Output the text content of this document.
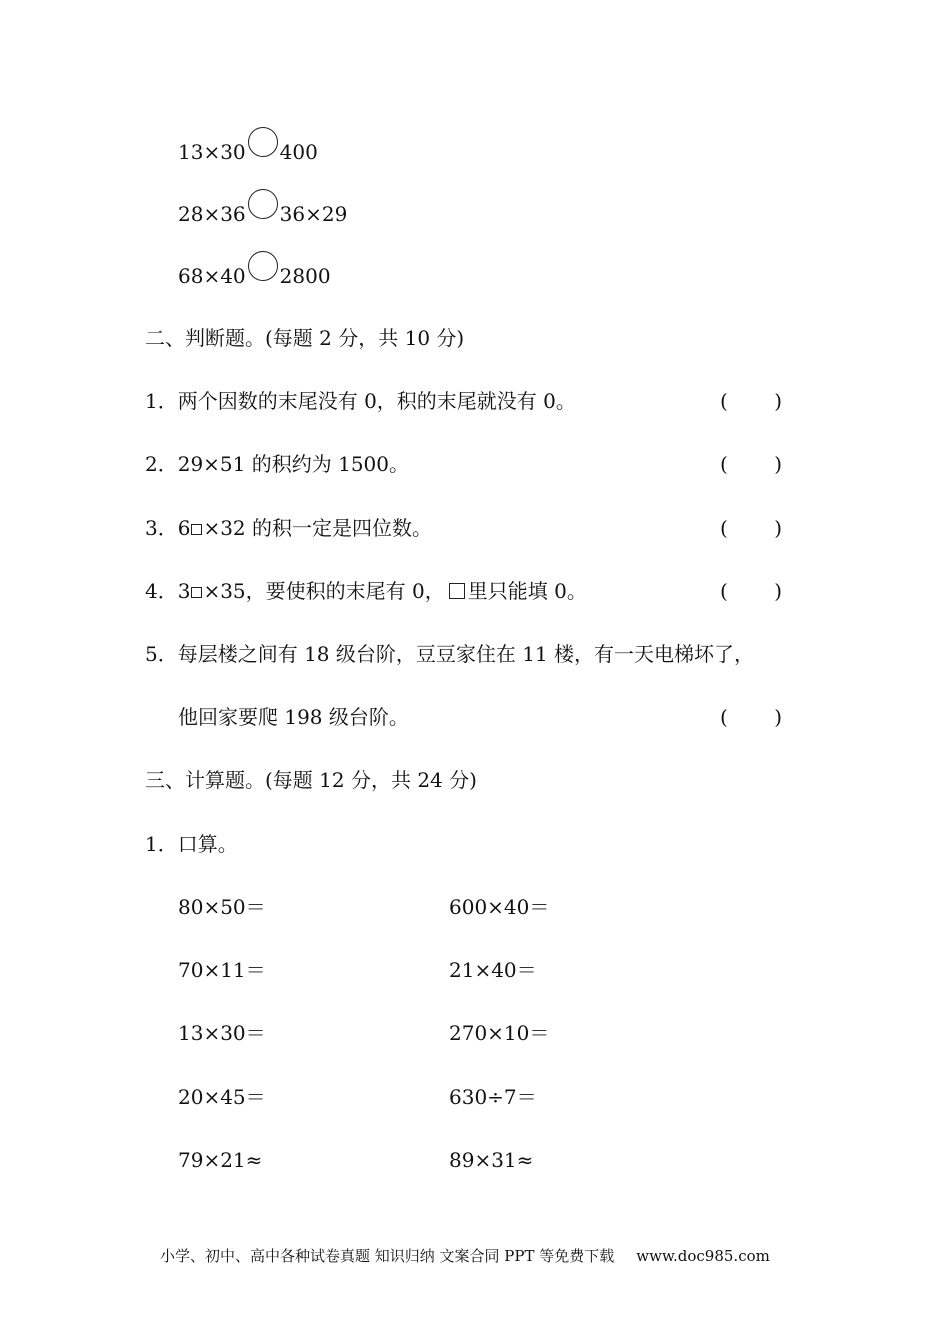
13×30 400
28×36 36×29
68×40 2800
二、判断题。(每题 2 分，共 10 分)
1．两个因数的末尾没有 0，积的末尾就没有 0。	( )
2．29×51 的积约为 1500。	( )
3．6 ×32 的积一定是四位数。	( )
4．3 ×35，要使积的末尾有 0， 里只能填 0。	( )
5．每层楼之间有 18 级台阶，豆豆家住在 11 楼，有一天电梯坏了，
他回家要爬 198 级台阶。	( )
三、计算题。(每题 12 分，共 24 分)
1．口算。
80×50＝	600×40＝
70×11＝	21×40＝
13×30＝	270×10＝
20×45＝	630÷7＝
79×21≈	89×31≈
小学、初中、高中各种试卷真题 知识归纳 文案合同 PPT 等免费下载 www.doc985.com
